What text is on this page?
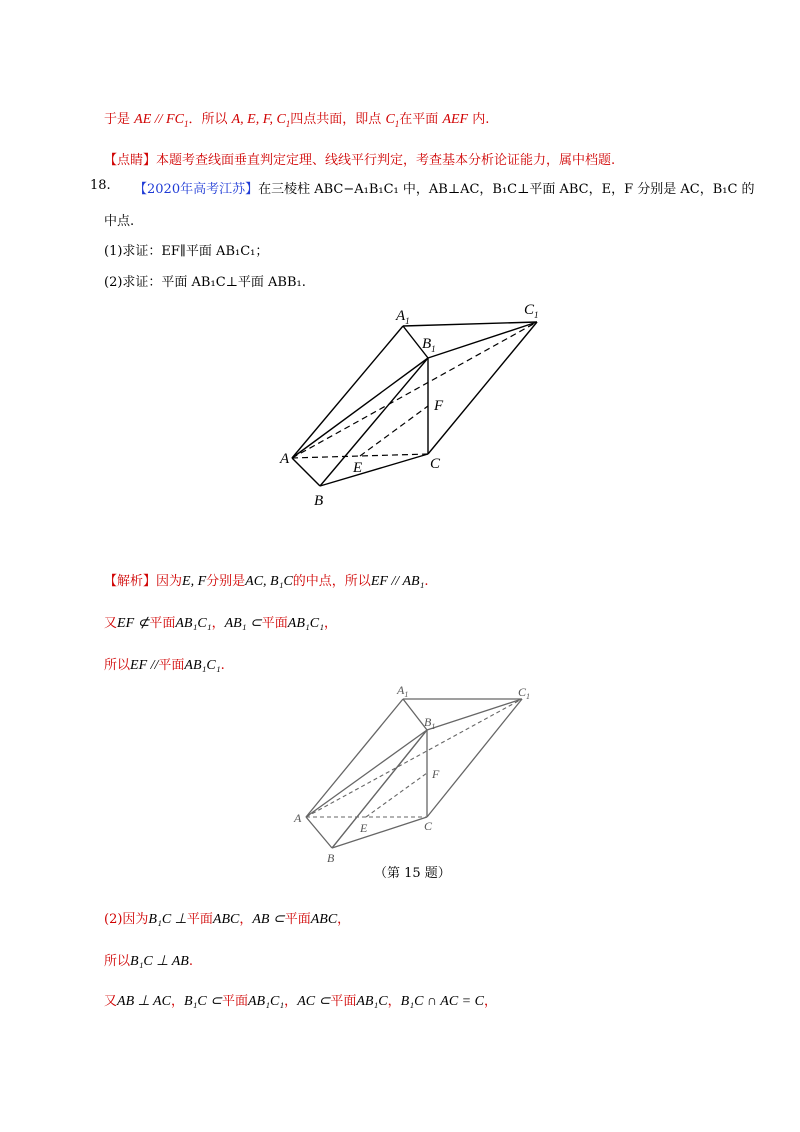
于是 AE // $FC_1$．所以 A, E, F, $C_1$四点共面，即点 $C_1$在平面 AEF 内.
【点睛】本题考查线面垂直判定定理、线线平行判定，考查基本分析论证能力，属中档题.
18. 【2020年高考江苏】在三棱柱 ABC−A₁B₁C₁ 中，AB⊥AC，B₁C⊥平面 ABC，E，F 分别是 AC，B₁C 的
中点.
(1)求证：EF∥平面 AB₁C₁；
(2)求证：平面 AB₁C⊥平面 ABB₁.
$A_1$
$C_1$
$B_1$
F
A	C
E
B
【解析】因为E, F分别是AC, B₁C的中点，所以EF // AB₁.
又EF ⊄平面AB₁C₁，AB₁ ⊂平面AB₁C₁，
所以EF //平面AB₁C₁.
$A_1$	$C_1$
$B_1$
F
A
C
E
B
（第 15 题）
(2)因为B₁C ⊥平面ABC，AB ⊂平面ABC，
所以B₁C ⊥ AB.
又AB ⊥ AC，B₁C ⊂平面AB₁C₁，AC ⊂平面AB₁C，B₁C ∩ AC = C，
